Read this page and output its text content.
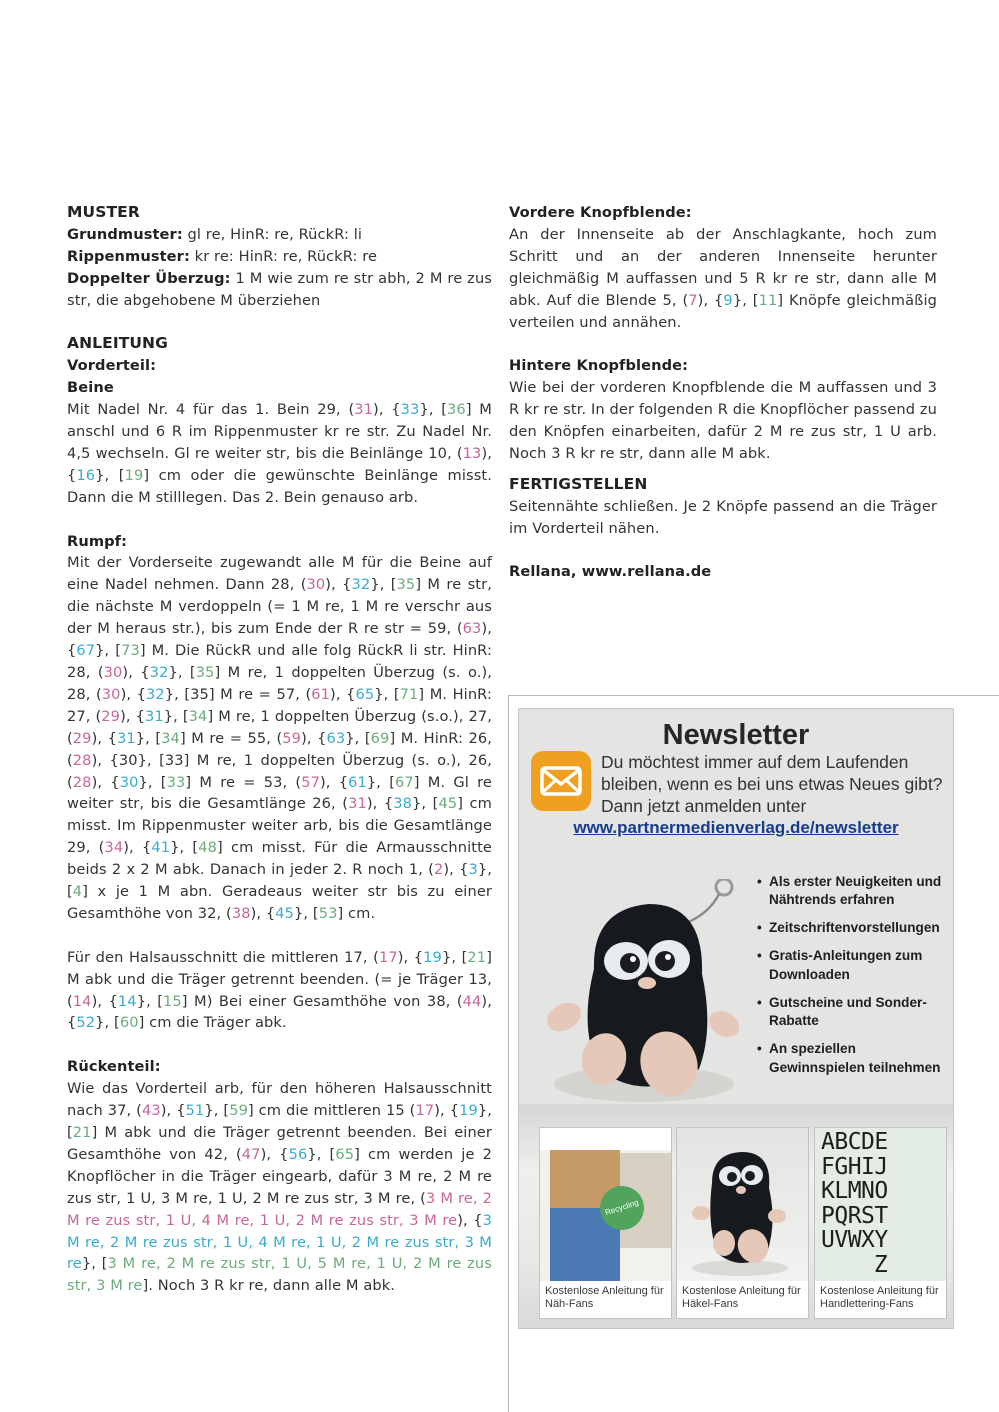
MUSTER

Grundmuster: gl re, HinR: re, RückR: li

Rippenmuster: kr re: HinR: re, RückR: re

Doppelter Überzug: 1 M wie zum re str abh, 2 M re zus str, die abgehobene M überziehen

ANLEITUNG
Vorderteil:
Beine

Mit Nadel Nr. 4 für das 1. Bein 29, (31), {33}, [36] M anschl und 6 R im Rippenmuster kr re str. Zu Nadel Nr. 4,5 wechseln. Gl re weiter str, bis die Beinlänge 10, (13), {16}, [19] cm oder die gewünschte Beinlänge misst. Dann die M stilllegen. Das 2. Bein genauso arb.

Rumpf:

Mit der Vorderseite zugewandt alle M für die Beine auf eine Nadel nehmen. Dann 28, (30), {32}, [35] M re str, die nächste M verdoppeln (= 1 M re, 1 M re verschr aus der M heraus str.), bis zum Ende der R re str = 59, (63), {67}, [73] M. Die RückR und alle folg RückR li str. HinR: 28, (30), {32}, [35] M re, 1 doppelten Überzug (s. o.), 28, (30), {32}, [35] M re = 57, (61), {65}, [71] M. HinR: 27, (29), {31}, [34] M re, 1 doppelten Überzug (s.o.), 27, (29), {31}, [34] M re = 55, (59), {63}, [69] M. HinR: 26, (28), {30}, [33] M re, 1 doppelten Überzug (s. o.), 26, (28), {30}, [33] M re = 53, (57), {61}, [67] M. Gl re weiter str, bis die Gesamtlänge 26, (31), {38}, [45] cm misst. Im Rippenmuster weiter arb, bis die Gesamtlänge 29, (34), {41}, [48] cm misst. Für die Armausschnitte beids 2 x 2 M abk. Danach in jeder 2. R noch 1, (2), {3}, [4] x je 1 M abn. Geradeaus weiter str bis zu einer Gesamthöhe von 32, (38), {45}, [53] cm.

Für den Halsausschnitt die mittleren 17, (17), {19}, [21] M abk und die Träger getrennt beenden. (= je Träger 13, (14), {14}, [15] M) Bei einer Gesamthöhe von 38, (44), {52}, [60] cm die Träger abk.

Rückenteil:

Wie das Vorderteil arb, für den höheren Halsausschnitt nach 37, (43), {51}, [59] cm die mittleren 15 (17), {19}, [21] M abk und die Träger getrennt beenden. Bei einer Gesamthöhe von 42, (47), {56}, [65] cm werden je 2 Knopflöcher in die Träger eingearb, dafür 3 M re, 2 M re zus str, 1 U, 3 M re, 1 U, 2 M re zus str, 3 M re, (3 M re, 2 M re zus str, 1 U, 4 M re, 1 U, 2 M re zus str, 3 M re), {3 M re, 2 M re zus str, 1 U, 4 M re, 1 U, 2 M re zus str, 3 M re}, [3 M re, 2 M re zus str, 1 U, 5 M re, 1 U, 2 M re zus str, 3 M re]. Noch 3 R kr re, dann alle M abk.

Vordere Knopfblende:

An der Innenseite ab der Anschlagkante, hoch zum Schritt und an der anderen Innenseite herunter gleichmäßig M auffassen und 5 R kr re str, dann alle M abk. Auf die Blende 5, (7), {9}, [11] Knöpfe gleichmäßig verteilen und annähen.

Hintere Knopfblende:

Wie bei der vorderen Knopfblende die M auffassen und 3 R kr re str. In der folgenden R die Knopflöcher passend zu den Knöpfen einarbeiten, dafür 2 M re zus str, 1 U arb. Noch 3 R kr re str, dann alle M abk.

FERTIGSTELLEN

Seitennähte schließen. Je 2 Knöpfe passend an die Träger im Vorderteil nähen.

Rellana, www.rellana.de
Newsletter
Du möchtest immer auf dem Laufenden bleiben, wenn es bei uns etwas Neues gibt? Dann jetzt anmelden unter
www.partnermedienverlag.de/newsletter
• Als erster Neuigkeiten und Nähtrends erfahren
• Zeitschriftenvorstellungen
• Gratis-Anleitungen zum Downloaden
• Gutscheine und Sonder-Rabatte
• An speziellen Gewinnspielen teilnehmen
Recycling
Kostenlose Anleitung für Näh-Fans
Kostenlose Anleitung für Häkel-Fans
ABCDE
FGHIJ
KLMNO
PQRST
UVWXY
Z
Kostenlose Anleitung für Handlettering-Fans
